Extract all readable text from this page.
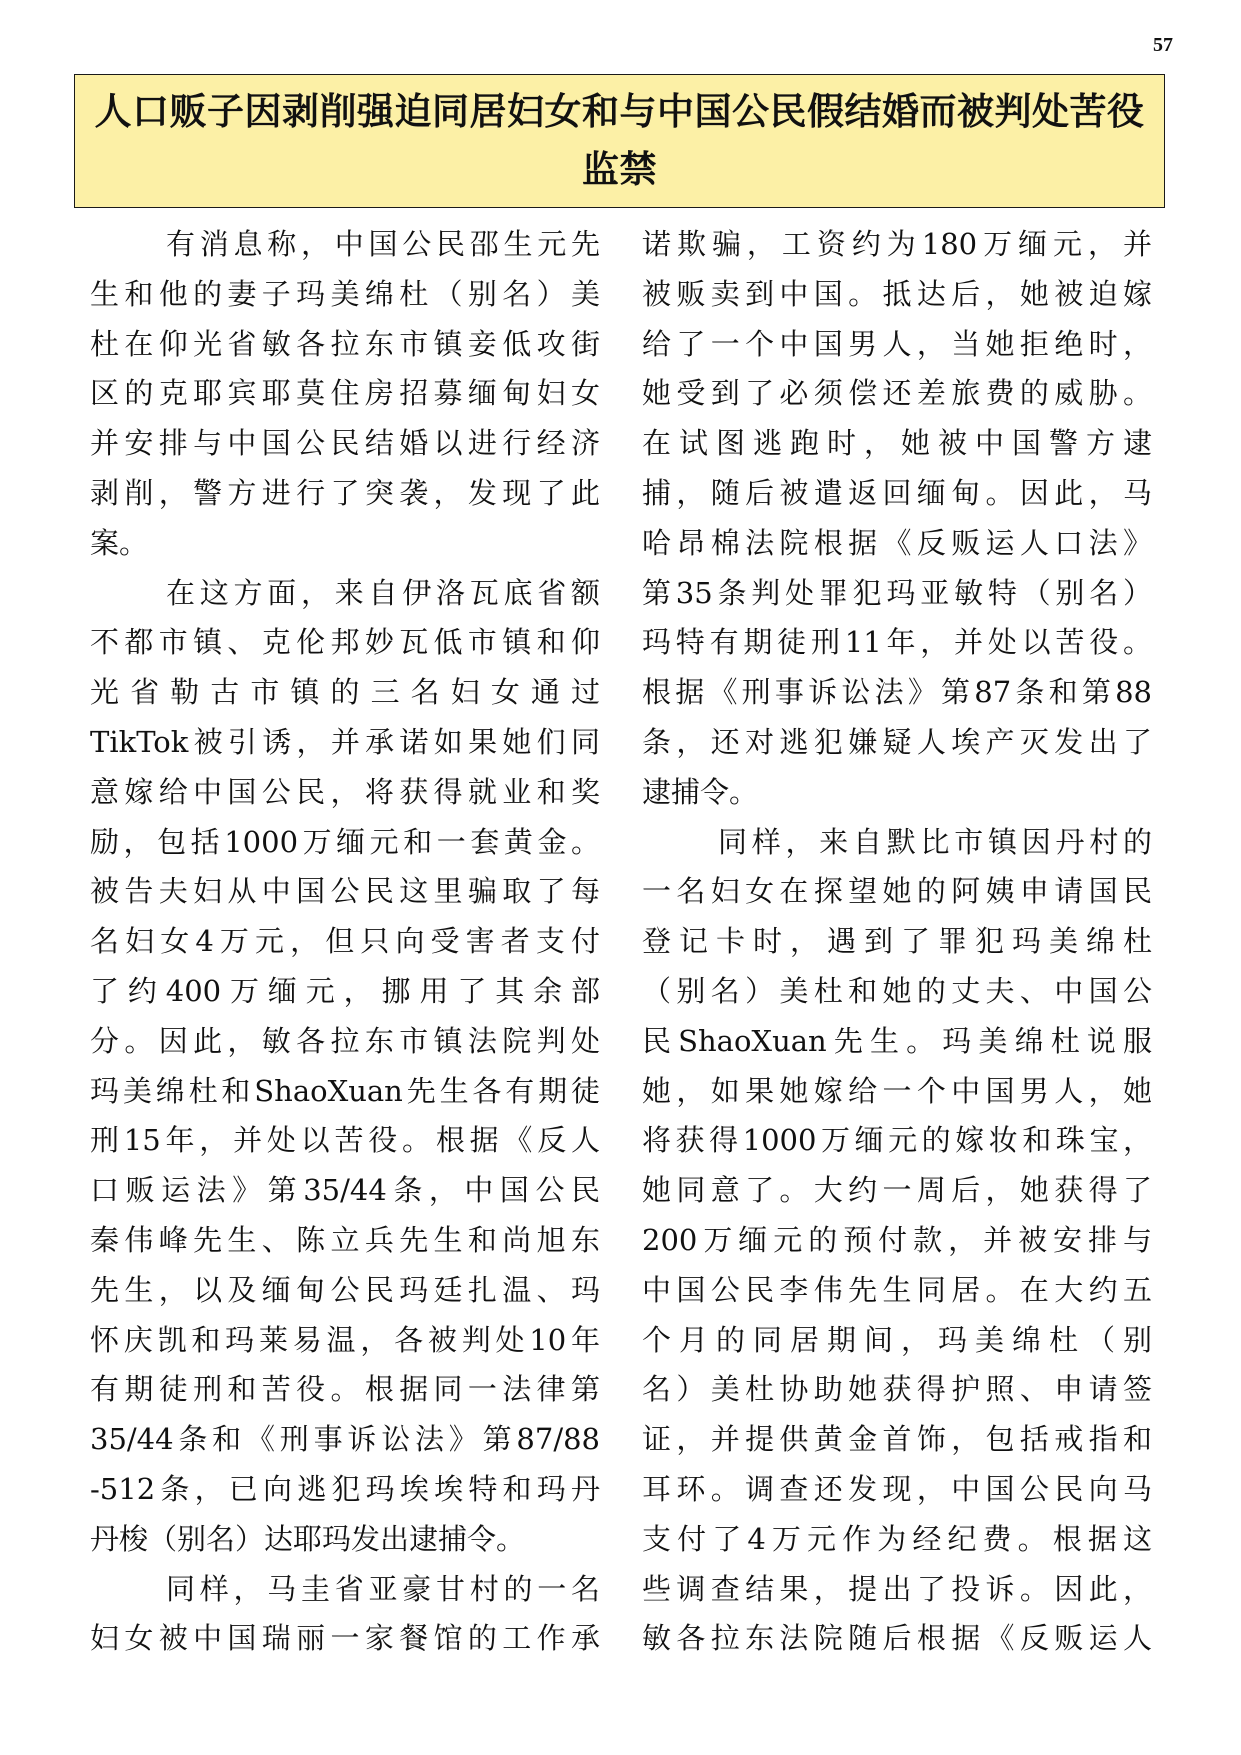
57
人口贩子因剥削强迫同居妇女和与中国公民假结婚而被判处苦役
监禁
有消息称，中国公民邵生元先
生和他的妻子玛美绵杜（别名）美
杜在仰光省敏各拉东市镇妾低攻街
区的克耶宾耶莫住房招募缅甸妇女
并安排与中国公民结婚以进行经济
剥削，警方进行了突袭，发现了此
案。
在这方面，来自伊洛瓦底省额
不都市镇、克伦邦妙瓦低市镇和仰
光省勒古市镇的三名妇女通过
TikTok被引诱，并承诺如果她们同
意嫁给中国公民，将获得就业和奖
励，包括1000万缅元和一套黄金。
被告夫妇从中国公民这里骗取了每
名妇女4万元，但只向受害者支付
了约400万缅元，挪用了其余部
分。因此，敏各拉东市镇法院判处
玛美绵杜和ShaoXuan先生各有期徒
刑15年，并处以苦役。根据《反人
口贩运法》第35/44条，中国公民
秦伟峰先生、陈立兵先生和尚旭东
先生，以及缅甸公民玛廷扎温、玛
怀庆凯和玛莱易温，各被判处10年
有期徒刑和苦役。根据同一法律第
35/44条和《刑事诉讼法》第87/88
-512条，已向逃犯玛埃埃特和玛丹
丹梭（别名）达耶玛发出逮捕令。
同样，马圭省亚豪甘村的一名
妇女被中国瑞丽一家餐馆的工作承
诺欺骗，工资约为180万缅元，并
被贩卖到中国。抵达后，她被迫嫁
给了一个中国男人，当她拒绝时，
她受到了必须偿还差旅费的威胁。
在试图逃跑时，她被中国警方逮
捕，随后被遣返回缅甸。因此，马
哈昂棉法院根据《反贩运人口法》
第35条判处罪犯玛亚敏特（别名）
玛特有期徒刑11年，并处以苦役。
根据《刑事诉讼法》第87条和第88
条，还对逃犯嫌疑人埃产灭发出了
逮捕令。
同样，来自默比市镇因丹村的
一名妇女在探望她的阿姨申请国民
登记卡时，遇到了罪犯玛美绵杜
（别名）美杜和她的丈夫、中国公
民ShaoXuan先生。玛美绵杜说服
她，如果她嫁给一个中国男人，她
将获得1000万缅元的嫁妆和珠宝，
她同意了。大约一周后，她获得了
200万缅元的预付款，并被安排与
中国公民李伟先生同居。在大约五
个月的同居期间，玛美绵杜（别
名）美杜协助她获得护照、申请签
证，并提供黄金首饰，包括戒指和
耳环。调查还发现，中国公民向马
支付了4万元作为经纪费。根据这
些调查结果，提出了投诉。因此，
敏各拉东法院随后根据《反贩运人
